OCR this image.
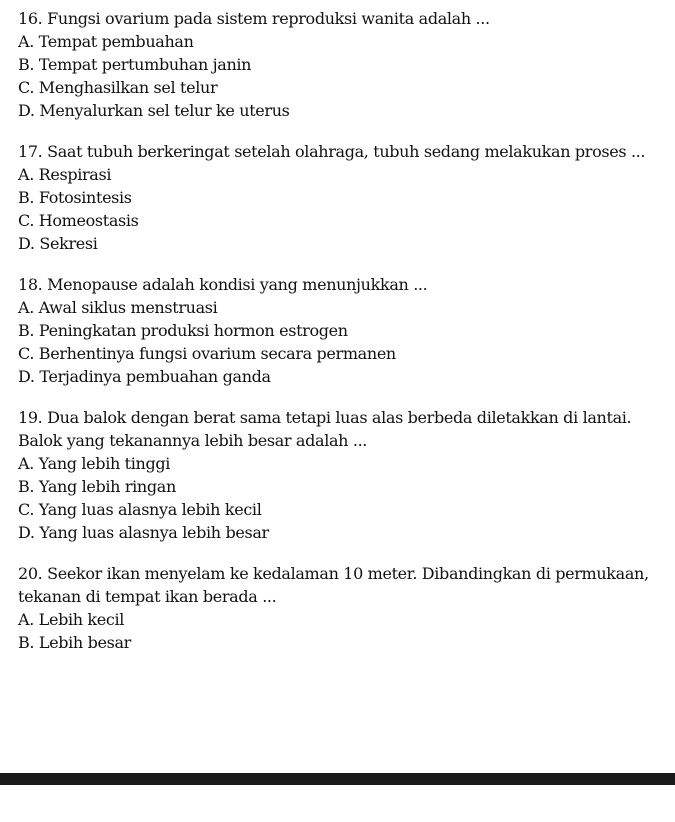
16. Fungsi ovarium pada sistem reproduksi wanita adalah ...

A. Tempat pembuahan

B. Tempat pertumbuhan janin

C. Menghasilkan sel telur

D. Menyalurkan sel telur ke uterus

17. Saat tubuh berkeringat setelah olahraga, tubuh sedang melakukan proses ...

A. Respirasi

B. Fotosintesis

C. Homeostasis

D. Sekresi

18. Menopause adalah kondisi yang menunjukkan ...

A. Awal siklus menstruasi

B. Peningkatan produksi hormon estrogen

C. Berhentinya fungsi ovarium secara permanen

D. Terjadinya pembuahan ganda

19. Dua balok dengan berat sama tetapi luas alas berbeda diletakkan di lantai. Balok yang tekanannya lebih besar adalah ...

A. Yang lebih tinggi

B. Yang lebih ringan

C. Yang luas alasnya lebih kecil

D. Yang luas alasnya lebih besar

20. Seekor ikan menyelam ke kedalaman 10 meter. Dibandingkan di permukaan, tekanan di tempat ikan berada ...

A. Lebih kecil

B. Lebih besar
